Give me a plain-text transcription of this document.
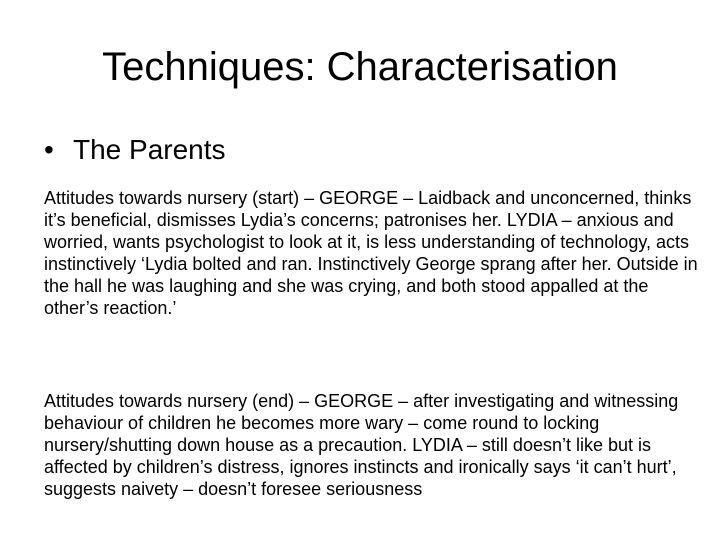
Techniques: Characterisation
• The Parents

Attitudes towards nursery (start) – GEORGE – Laidback and unconcerned, thinks it’s beneficial, dismisses Lydia’s concerns; patronises her. LYDIA – anxious and worried, wants psychologist to look at it, is less understanding of technology, acts instinctively ‘Lydia bolted and ran. Instinctively George sprang after her. Outside in the hall he was laughing and she was crying, and both stood appalled at the other’s reaction.’

Attitudes towards nursery (end) – GEORGE – after investigating and witnessing behaviour of children he becomes more wary – come round to locking nursery/shutting down house as a precaution. LYDIA – still doesn’t like but is affected by children’s distress, ignores instincts and ironically says ‘it can’t hurt’, suggests naivety – doesn’t foresee seriousness
